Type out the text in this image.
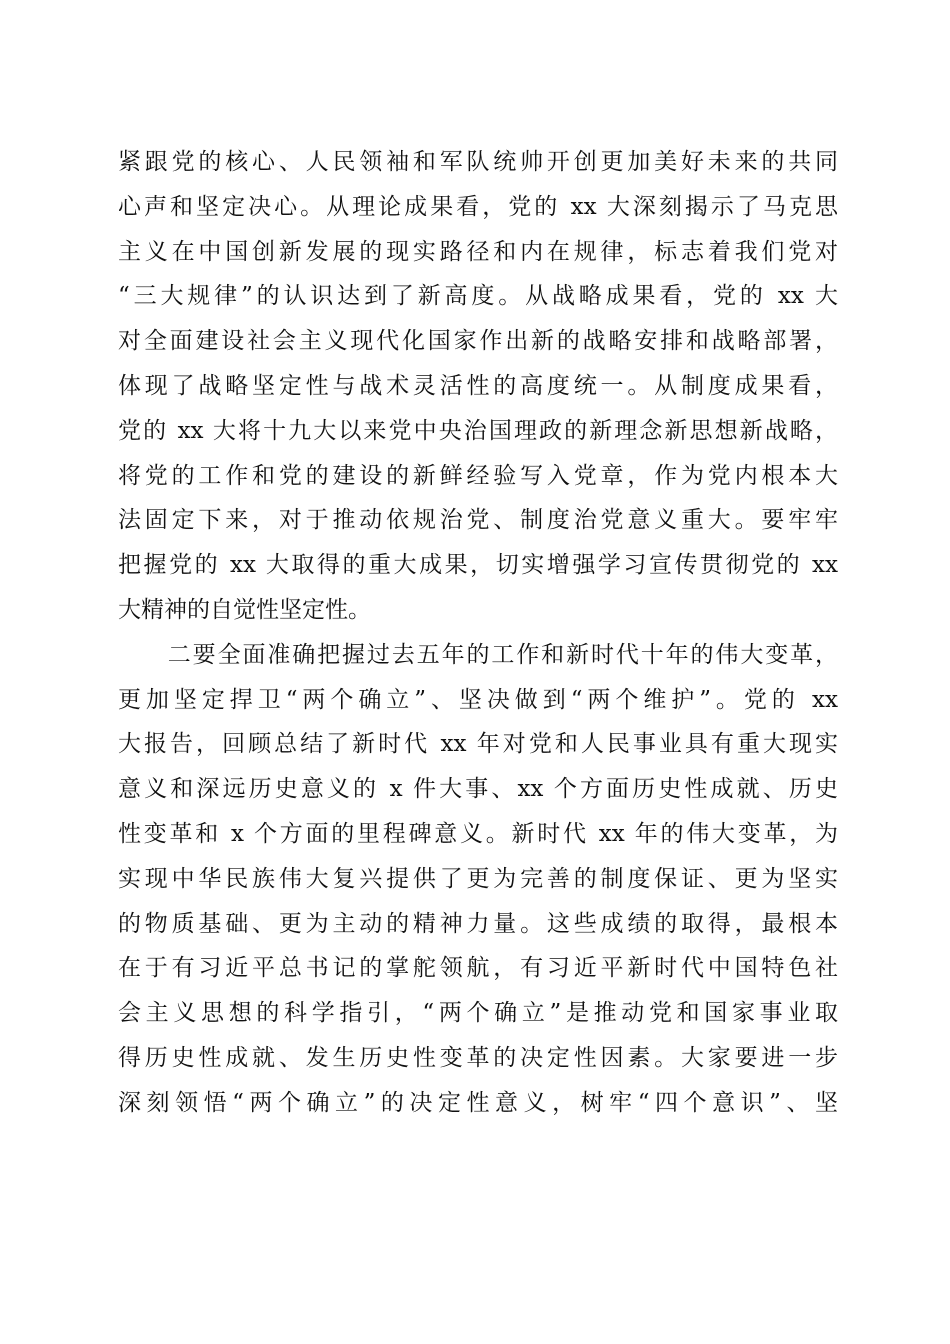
紧跟党的核心、人民领袖和军队统帅开创更加美好未来的共同
心声和坚定决心。从理论成果看，党的 xx 大深刻揭示了马克思
主义在中国创新发展的现实路径和内在规律，标志着我们党对
“三大规律”的认识达到了新高度。从战略成果看，党的 xx 大
对全面建设社会主义现代化国家作出新的战略安排和战略部署，
体现了战略坚定性与战术灵活性的高度统一。从制度成果看，
党的 xx 大将十九大以来党中央治国理政的新理念新思想新战略，
将党的工作和党的建设的新鲜经验写入党章，作为党内根本大
法固定下来，对于推动依规治党、制度治党意义重大。要牢牢
把握党的 xx 大取得的重大成果，切实增强学习宣传贯彻党的 xx
大精神的自觉性坚定性。
　　二要全面准确把握过去五年的工作和新时代十年的伟大变革，
更加坚定捍卫“两个确立”、坚决做到“两个维护”。党的 xx
大报告，回顾总结了新时代 xx 年对党和人民事业具有重大现实
意义和深远历史意义的 x 件大事、xx 个方面历史性成就、历史
性变革和 x 个方面的里程碑意义。新时代 xx 年的伟大变革，为
实现中华民族伟大复兴提供了更为完善的制度保证、更为坚实
的物质基础、更为主动的精神力量。这些成绩的取得，最根本
在于有习近平总书记的掌舵领航，有习近平新时代中国特色社
会主义思想的科学指引，“两个确立”是推动党和国家事业取
得历史性成就、发生历史性变革的决定性因素。大家要进一步
深刻领悟“两个确立”的决定性意义，树牢“四个意识”、坚
